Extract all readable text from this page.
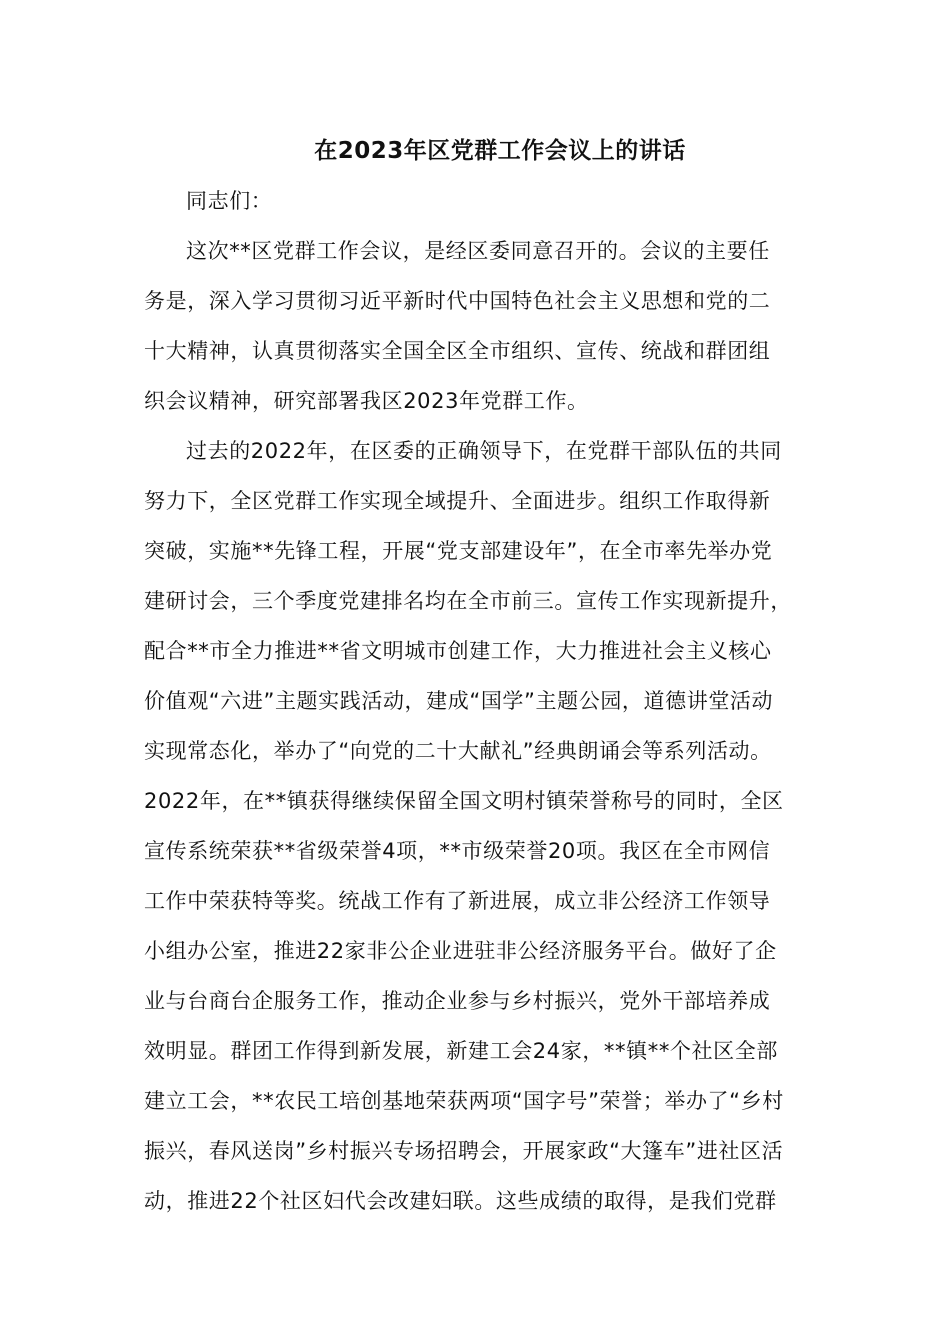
在2023年区党群工作会议上的讲话
同志们：
这次**区党群工作会议，是经区委同意召开的。会议的主要任
务是，深入学习贯彻习近平新时代中国特色社会主义思想和党的二
十大精神，认真贯彻落实全国全区全市组织、宣传、统战和群团组
织会议精神，研究部署我区2023年党群工作。
过去的2022年，在区委的正确领导下，在党群干部队伍的共同
努力下，全区党群工作实现全域提升、全面进步。组织工作取得新
突破，实施**先锋工程，开展“党支部建设年”，在全市率先举办党
建研讨会，三个季度党建排名均在全市前三。宣传工作实现新提升，
配合**市全力推进**省文明城市创建工作，大力推进社会主义核心
价值观“六进”主题实践活动，建成“国学”主题公园，道德讲堂活动
实现常态化，举办了“向党的二十大献礼”经典朗诵会等系列活动。
2022年，在**镇获得继续保留全国文明村镇荣誉称号的同时，全区
宣传系统荣获**省级荣誉4项，**市级荣誉20项。我区在全市网信
工作中荣获特等奖。统战工作有了新进展，成立非公经济工作领导
小组办公室，推进22家非公企业进驻非公经济服务平台。做好了企
业与台商台企服务工作，推动企业参与乡村振兴，党外干部培养成
效明显。群团工作得到新发展，新建工会24家，**镇**个社区全部
建立工会，**农民工培创基地荣获两项“国字号”荣誉；举办了“乡村
振兴，春风送岗”乡村振兴专场招聘会，开展家政“大篷车”进社区活
动，推进22个社区妇代会改建妇联。这些成绩的取得，是我们党群
